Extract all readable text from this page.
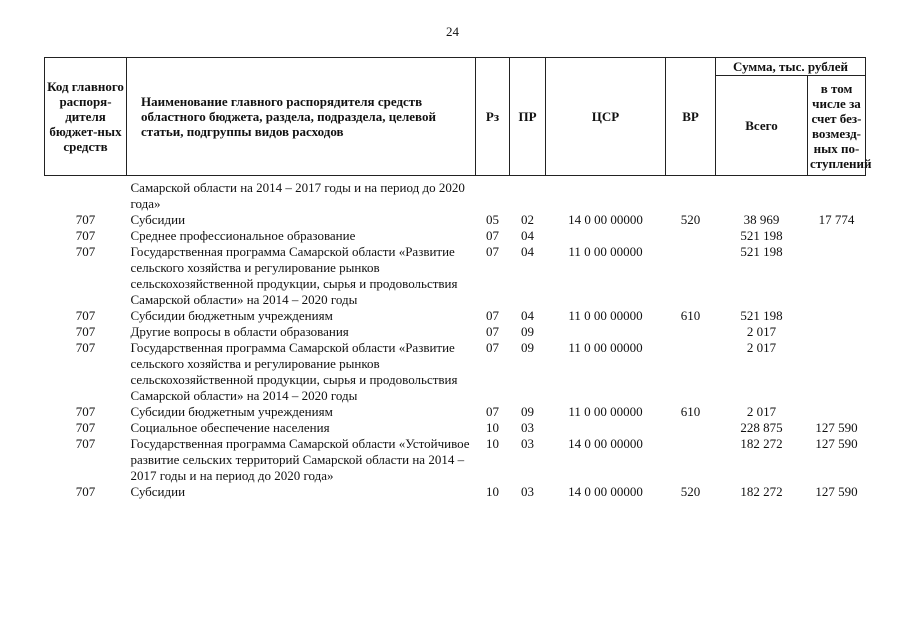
24
Код главного распоря-дителя бюджет-ных средств	Наименование главного распорядителя средств областного бюджета, раздела, подраздела, целевой статьи, подгруппы видов расходов	Рз	ПР	ЦСР	ВР	Сумма, тыс. рублей	
						Всего	в том числе за счет без-возмезд-ных по-ступлений
	Самарской области на 2014 – 2017 годы и на период до 2020 года»						
707	Субсидии	05	02	14 0 00 00000	520	38 969	17 774
707	Среднее профессиональное образование	07	04			521 198	
707	Государственная программа Самарской области «Развитие сельского хозяйства и регулирование рынков сельскохозяйственной продукции, сырья и продовольствия Самарской области» на 2014 – 2020 годы	07	04	11 0 00 00000		521 198	
707	Субсидии бюджетным учреждениям	07	04	11 0 00 00000	610	521 198	
707	Другие вопросы в области образования	07	09			2 017	
707	Государственная программа Самарской области «Развитие сельского хозяйства и регулирование рынков сельскохозяйственной продукции, сырья и продовольствия Самарской области» на 2014 – 2020 годы	07	09	11 0 00 00000		2 017	
707	Субсидии бюджетным учреждениям	07	09	11 0 00 00000	610	2 017	
707	Социальное обеспечение населения	10	03			228 875	127 590
707	Государственная программа Самарской области «Устойчивое развитие сельских территорий Самарской области на 2014 – 2017 годы и на период до 2020 года»	10	03	14 0 00 00000		182 272	127 590
707	Субсидии	10	03	14 0 00 00000	520	182 272	127 590
